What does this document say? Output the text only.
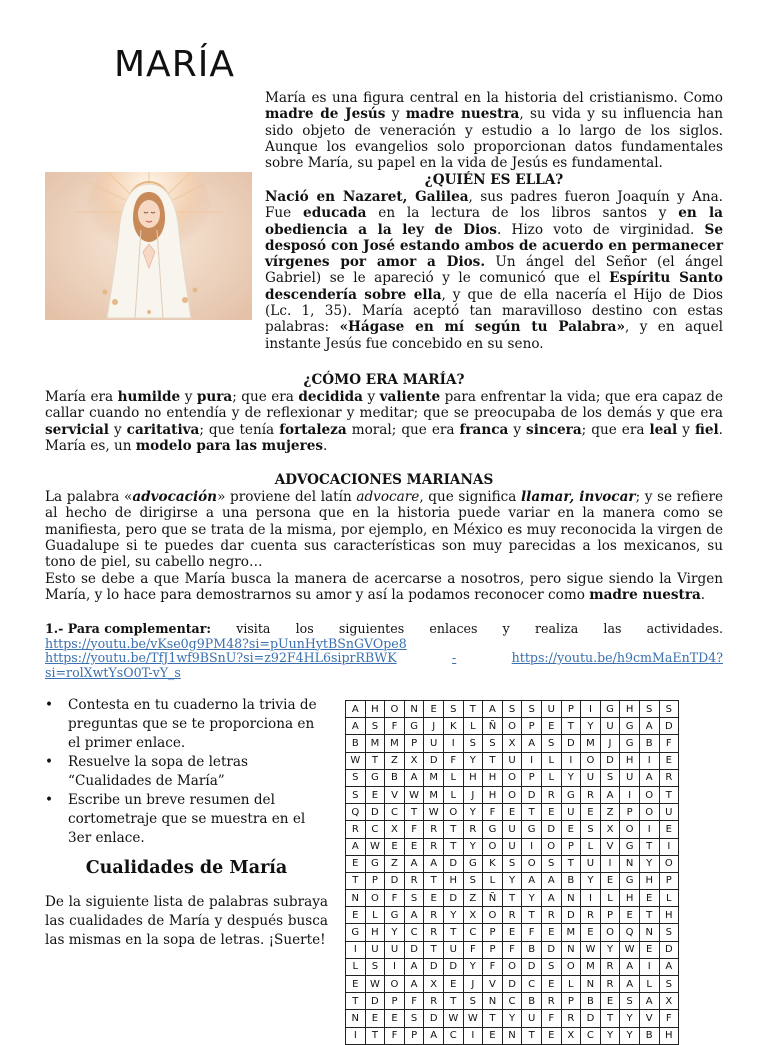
MARÍA

María es una figura central en la historia del cristianismo. Como madre de Jesús y madre nuestra, su vida y su influencia han sido objeto de veneración y estudio a lo largo de los siglos. Aunque los evangelios solo proporcionan datos fundamentales sobre María, su papel en la vida de Jesús es fundamental.

¿QUIÉN ES ELLA?

Nació en Nazaret, Galilea, sus padres fueron Joaquín y Ana. Fue educada en la lectura de los libros santos y en la obediencia a la ley de Dios. Hizo voto de virginidad. Se desposó con José estando ambos de acuerdo en permanecer vírgenes por amor a Dios. Un ángel del Señor (el ángel Gabriel) se le apareció y le comunicó que el Espíritu Santo descendería sobre ella, y que de ella nacería el Hijo de Dios (Lc. 1, 35). María aceptó tan maravilloso destino con estas palabras: «Hágase en mí según tu Palabra», y en aquel instante Jesús fue concebido en su seno.

¿CÓMO ERA MARÍA?

María era humilde y pura; que era decidida y valiente para enfrentar la vida; que era capaz de callar cuando no entendía y de reflexionar y meditar; que se preocupaba de los demás y que era servicial y caritativa; que tenía fortaleza moral; que era franca y sincera; que era leal y fiel. María es, un modelo para las mujeres.

ADVOCACIONES MARIANAS

La palabra «advocación» proviene del latín advocare, que significa llamar, invocar; y se refiere al hecho de dirigirse a una persona que en la historia puede variar en la manera como se manifiesta, pero que se trata de la misma, por ejemplo, en México es muy reconocida la virgen de Guadalupe si te puedes dar cuenta sus características son muy parecidas a los mexicanos, su tono de piel, su cabello negro…

Esto se debe a que María busca la manera de acercarse a nosotros, pero sigue siendo la Virgen María, y lo hace para demostrarnos su amor y así la podamos reconocer como madre nuestra.

1.- Para complementar: visita los siguientes enlaces y realiza las actividades.
https://youtu.be/vKse0g9PM48?si=pUunHytBSnGVOpe8
https://youtu.be/TfJ1wf9BSnU?si=z92F4HL6siprRBWK	-	https://youtu.be/h9cmMaEnTD4?
si=rolXwtYsO0T-vY_s
• Contesta en tu cuaderno la trivia de preguntas que se te proporciona en el primer enlace.
• Resuelve la sopa de letras “Cualidades de María”
• Escribe un breve resumen del cortometraje que se muestra en el 3er enlace.
Cualidades de María

De la siguiente lista de palabras subraya las cualidades de María y después busca las mismas en la sopa de letras. ¡Suerte!

A	H	O	N	E	S	T	A	S	S	U	P	I	G	H	S	S
A	S	F	G	J	K	L	Ñ	O	P	E	T	Y	U	G	A	D
B	M	M	P	U	I	S	S	X	A	S	D	M	J	G	B	F
W	T	Z	X	D	F	Y	T	U	I	L	I	O	D	H	I	E
S	G	B	A	M	L	H	H	O	P	L	Y	U	S	U	A	R
S	E	V	W	M	L	J	H	O	D	R	G	R	A	I	O	T
Q	D	C	T	W	O	Y	F	E	T	E	U	E	Z	P	O	U
R	C	X	F	R	T	R	G	U	G	D	E	S	X	O	I	E
A	W	E	E	R	T	Y	O	U	I	O	P	L	V	G	T	I
E	G	Z	A	A	D	G	K	S	O	S	T	U	I	N	Y	O
T	P	D	R	T	H	S	L	Y	A	A	B	Y	E	G	H	P
N	O	F	S	E	D	Z	Ñ	T	Y	A	N	I	L	H	E	L
E	L	G	A	R	Y	X	O	R	T	R	D	R	P	E	T	H
G	H	Y	C	R	T	C	P	E	F	E	M	E	O	Q	N	S
I	U	U	D	T	U	F	P	F	B	D	N	W	Y	W	E	D
L	S	I	A	D	D	Y	F	O	D	S	O	M	R	A	I	A
E	W	O	A	X	E	J	V	D	C	E	L	N	R	A	L	S
T	D	P	F	R	T	S	N	C	B	R	P	B	E	S	A	X
N	E	E	S	D	W	W	T	Y	U	F	R	D	T	Y	V	F
I	T	F	P	A	C	I	E	N	T	E	X	C	Y	Y	B	H
